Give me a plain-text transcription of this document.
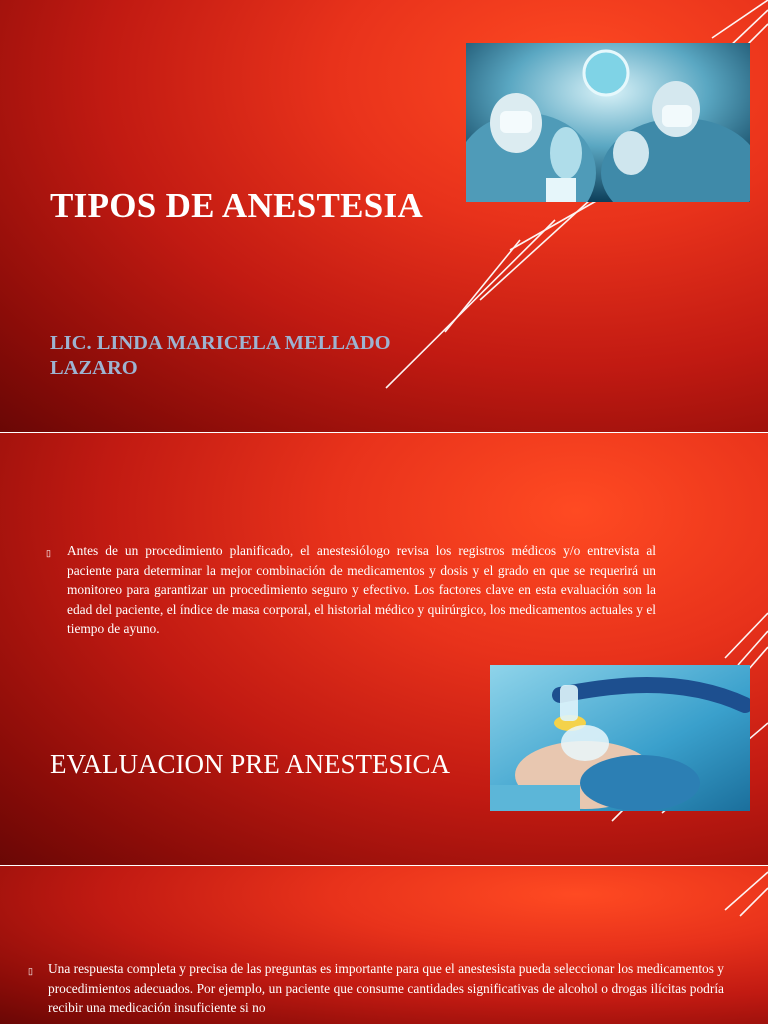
TIPOS DE ANESTESIA

LIC. LINDA MARICELA MELLADO LAZARO

▯ Antes de un procedimiento planificado, el anestesiólogo revisa los registros médicos y/o entrevista al paciente para determinar la mejor combinación de medicamentos y dosis y el grado en que se requerirá un monitoreo para garantizar un procedimiento seguro y efectivo. Los factores clave en esta evaluación son la edad del paciente, el índice de masa corporal, el historial médico y quirúrgico, los medicamentos actuales y el tiempo de ayuno.
EVALUACION PRE ANESTESICA
▯ Una respuesta completa y precisa de las preguntas es importante para que el anestesista pueda seleccionar los medicamentos y procedimientos adecuados. Por ejemplo, un paciente que consume cantidades significativas de alcohol o drogas ilícitas podría recibir una medicación insuficiente si no
